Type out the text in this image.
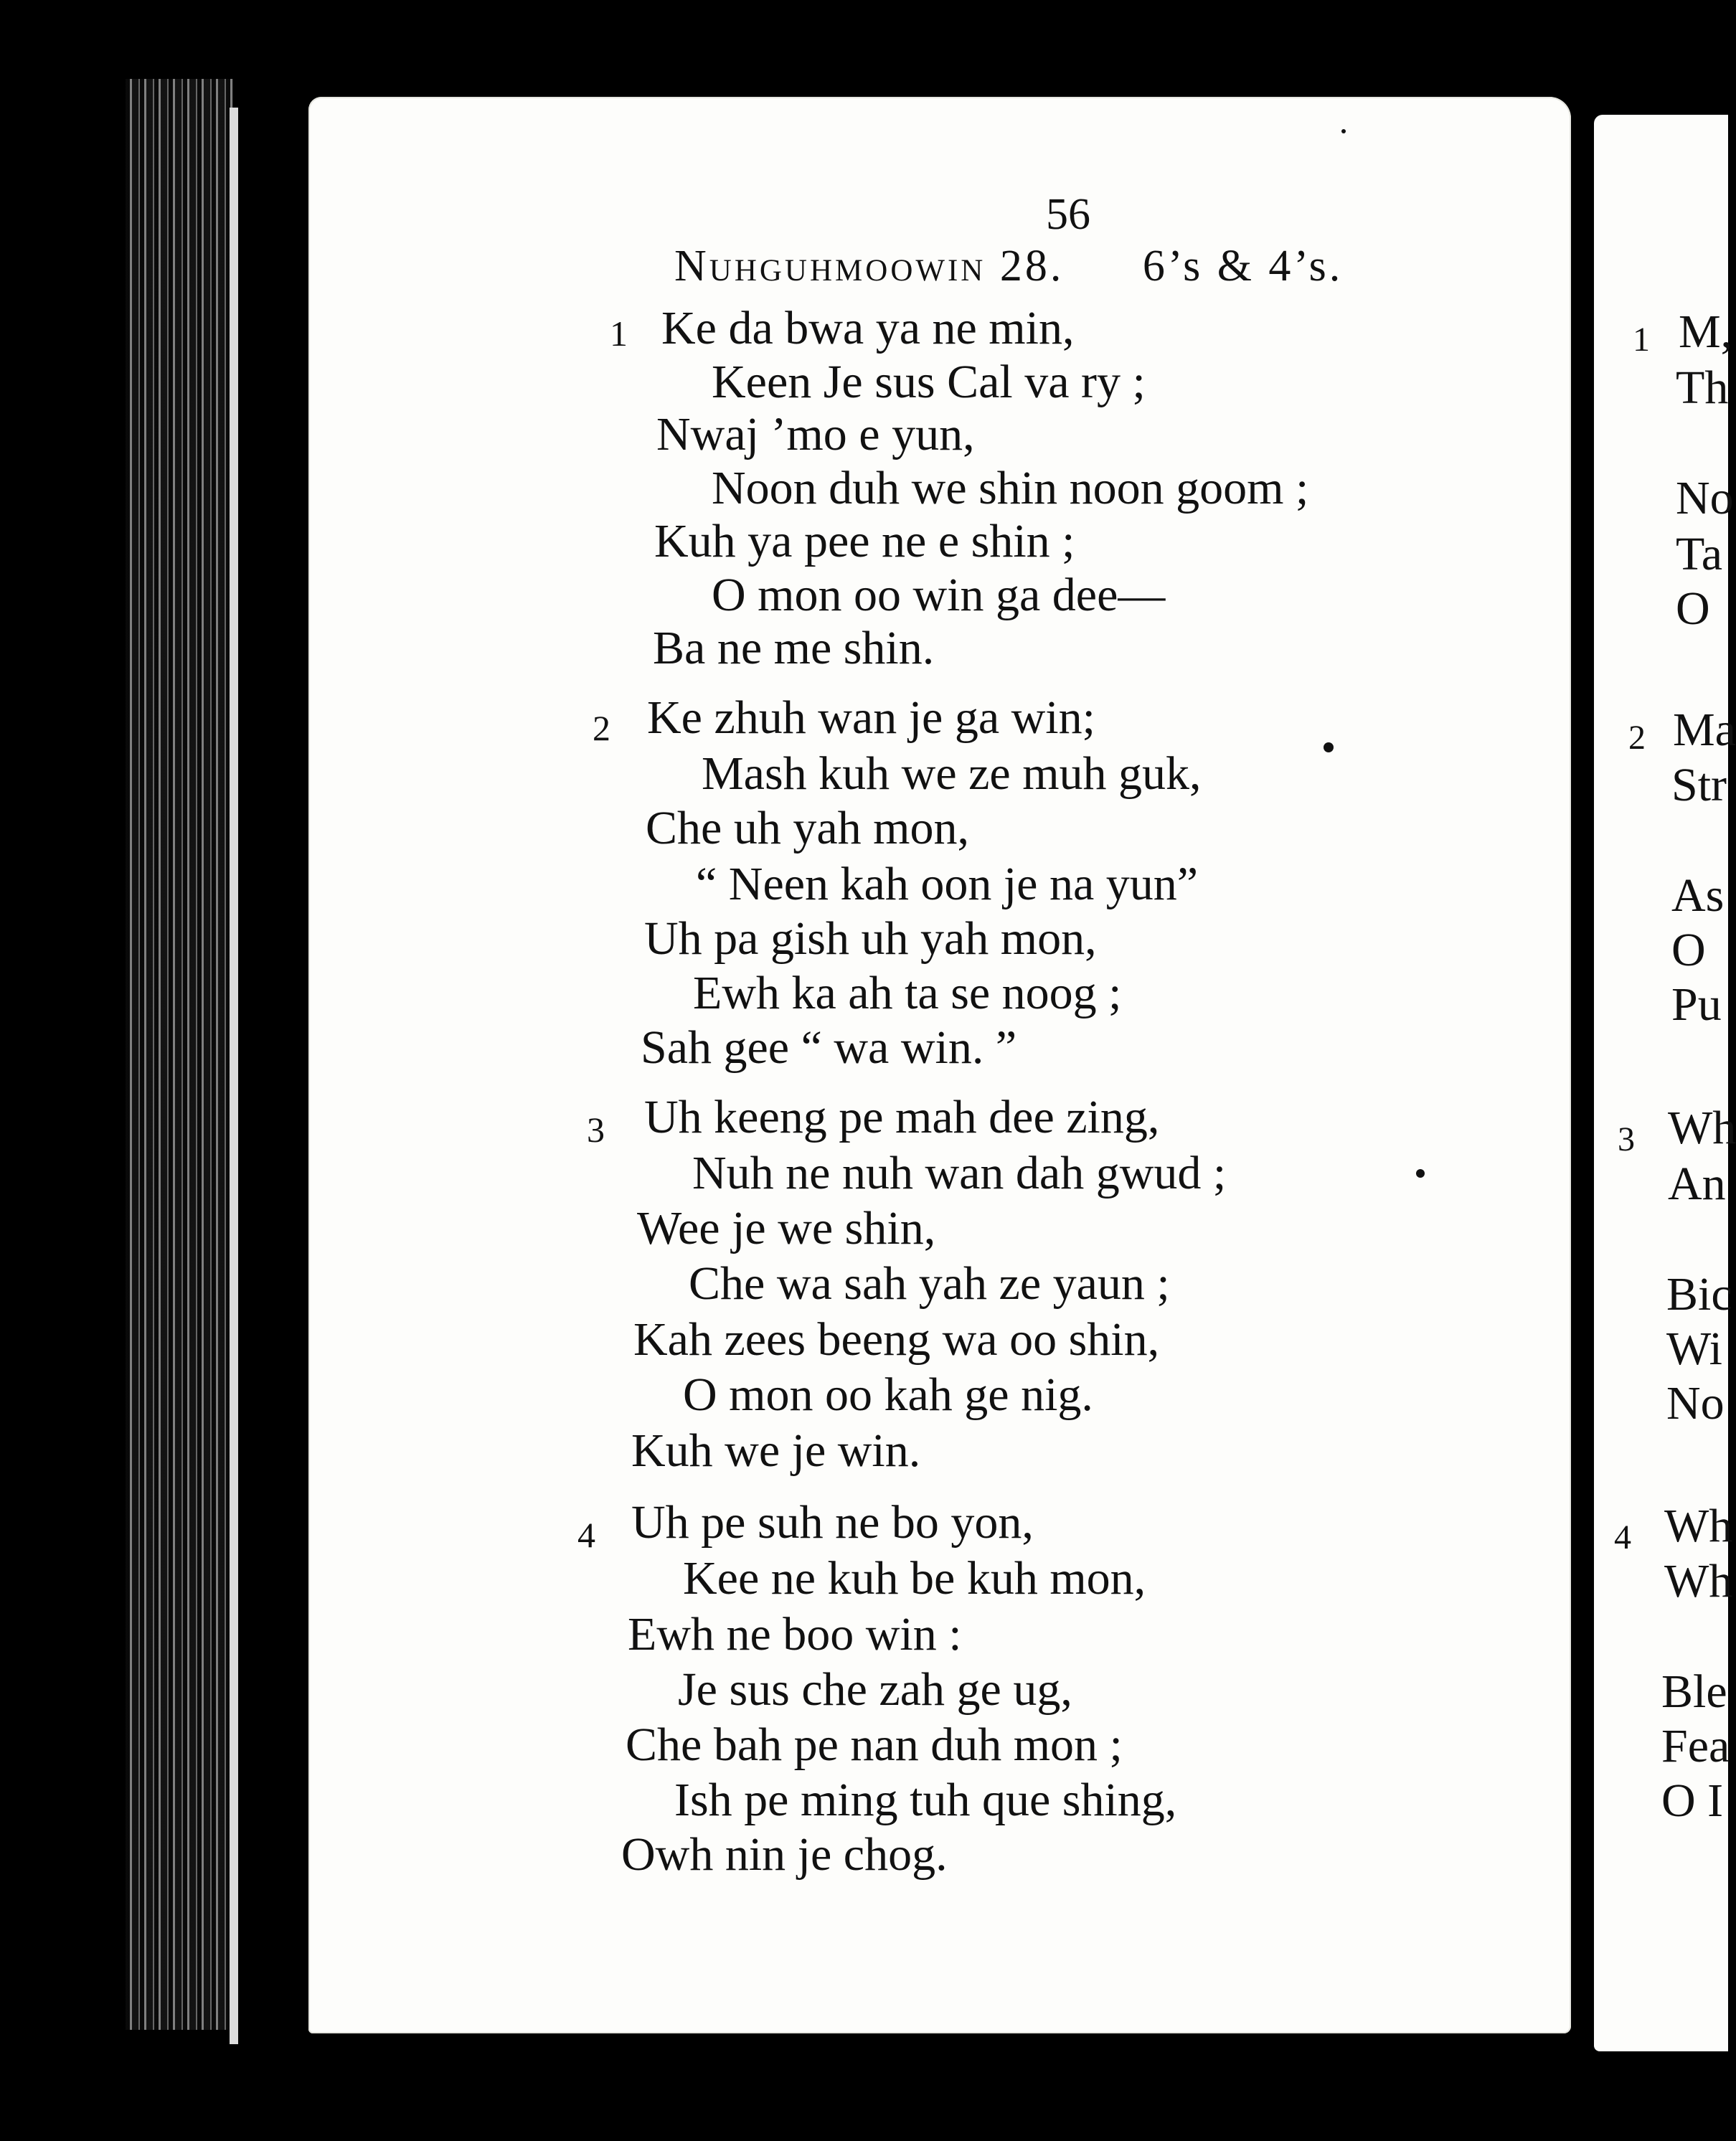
56
Nuhguhmoowin 28. 6’s & 4’s.
1 Ke da bwa ya ne min,
Keen Je sus Cal va ry ;
Nwaj ’mo e yun,
Noon duh we shin noon goom ;
Kuh ya pee ne e shin ;
O mon oo win ga dee—
Ba ne me shin.
2 Ke zhuh wan je ga win;
Mash kuh we ze muh guk,
Che uh yah mon,
“ Neen kah oon je na yun”
Uh pa gish uh yah mon,
Ewh ka ah ta se noog ;
Sah gee “ wa win. ”
3 Uh keeng pe mah dee zing,
Nuh ne nuh wan dah gwud ;
Wee je we shin,
Che wa sah yah ze yaun ;
Kah zees beeng wa oo shin,
O mon oo kah ge nig.
Kuh we je win.
4 Uh pe suh ne bo yon,
Kee ne kuh be kuh mon,
Ewh ne boo win :
Je sus che zah ge ug,
Che bah pe nan duh mon ;
Ish pe ming tuh que shing,
Owh nin je chog.
1
2
3
4
M,
Th
No
Ta
O
Ma
Str
As
O
Pu
Wh
An
Bic
Wi
No
Wh
Wh
Ble
Fea
O I
